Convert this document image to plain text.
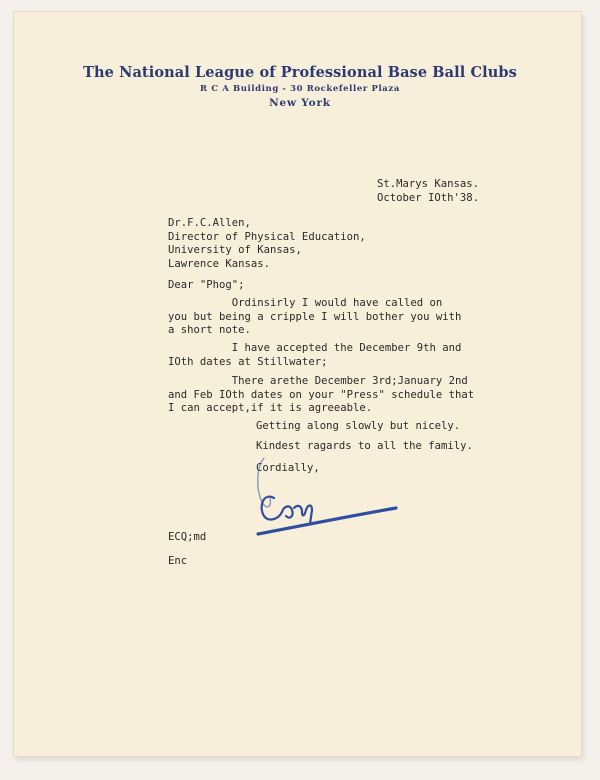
The National League of Professional Base Ball Clubs
R C A Building - 30 Rockefeller Plaza
New York

St.Marys Kansas.

October IOth'38.

Dr.F.C.Allen,

Director of Physical Education,

University of Kansas,

Lawrence Kansas.

Dear "Phog";

Ordinsirly I would have called on

you but being a cripple I will bother you with

a short note.

I have accepted the December 9th and

IOth dates at Stillwater;

There arethe December 3rd;January 2nd

and Feb IOth dates on your "Press" schedule that

I can accept,if it is agreeable.

Getting along slowly but nicely.

Kindest ragards to all the family.

Cordially,

ECQ;md

Enc
